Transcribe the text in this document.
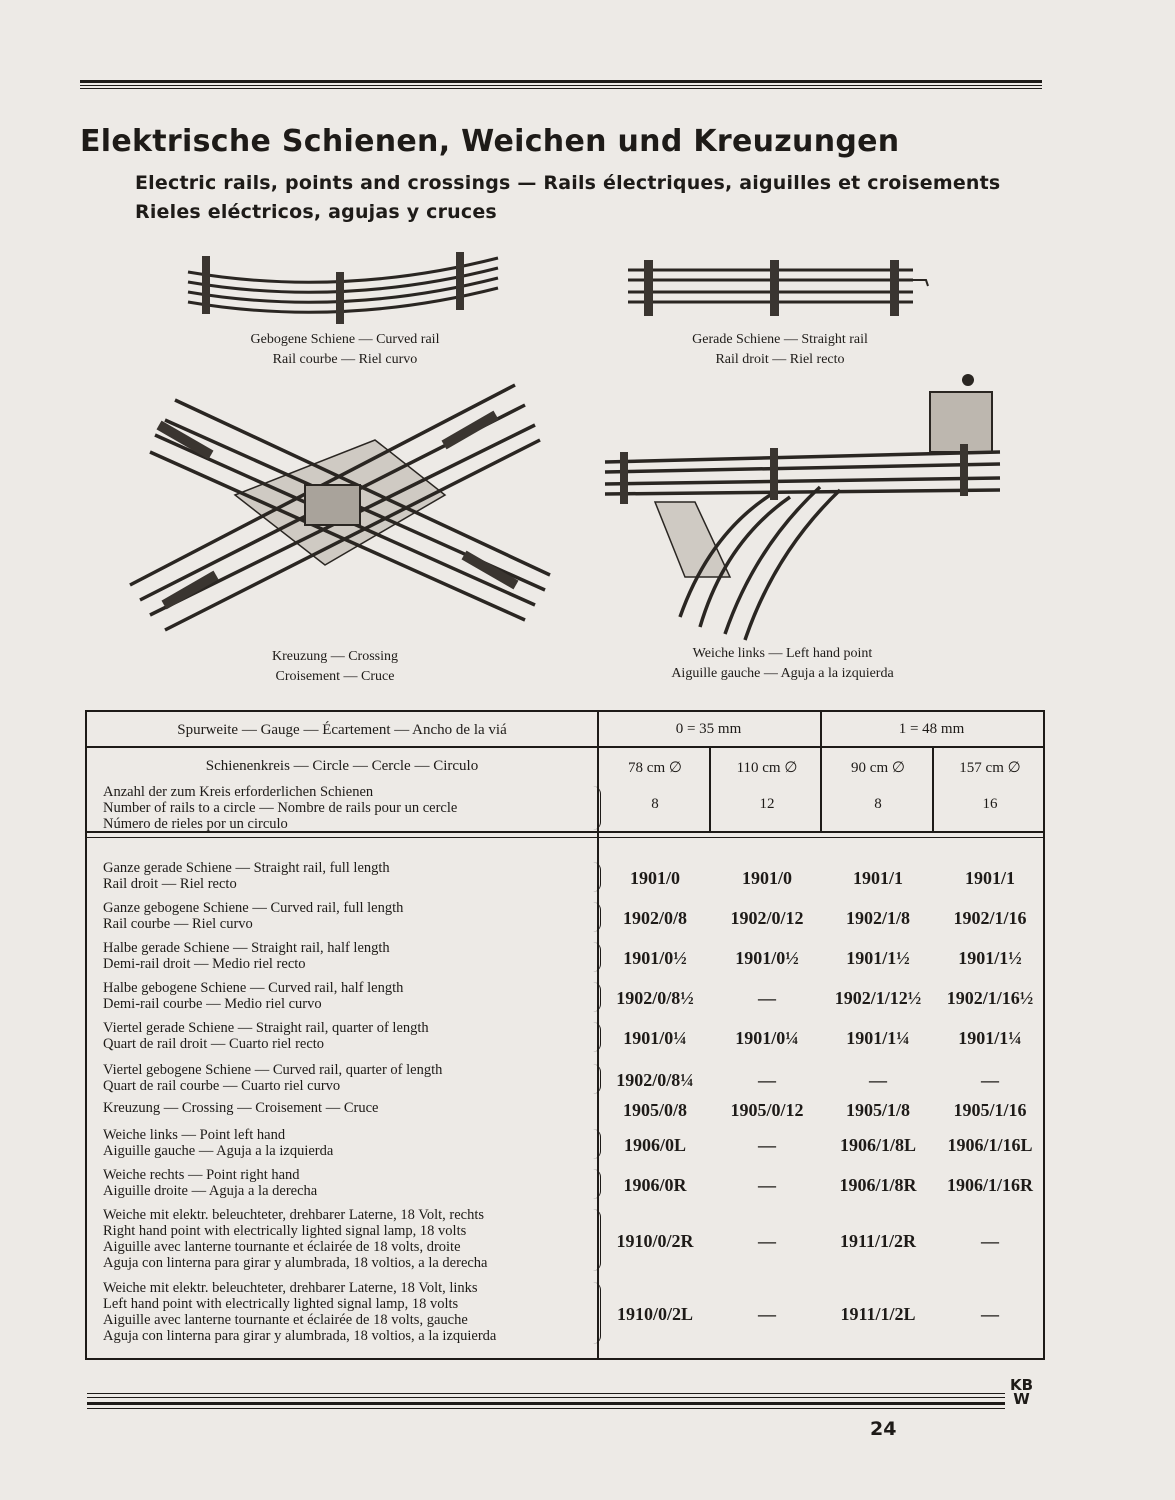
Elektrische Schienen, Weichen und Kreuzungen

Electric rails, points and crossings — Rails électriques, aiguilles et croisements

Rieles eléctricos, agujas y cruces

Gebogene Schiene — Curved rail
Rail courbe — Riel curvo
Gerade Schiene — Straight rail
Rail droit — Riel recto
Kreuzung — Crossing
Croisement — Cruce
Weiche links — Left hand point
Aiguille gauche — Aguja a la izquierda
Spurweite — Gauge — Écartement — Ancho de la viá	0 = 35 mm	1 = 48 mm
Schienenkreis — Circle — Cercle — Circulo	78 cm ∅	110 cm ∅	90 cm ∅	157 cm ∅
Anzahl der zum Kreis erforderlichen Schienen
Number of rails to a circle — Nombre de rails pour un cercle
Número de rieles por un circulo
8	12	8	16
Ganze gerade Schiene — Straight rail, full length
Rail droit — Riel recto	1901/0	1901/0	1901/1	1901/1
Ganze gebogene Schiene — Curved rail, full length
Rail courbe — Riel curvo	1902/0/8	1902/0/12	1902/1/8	1902/1/16
Halbe gerade Schiene — Straight rail, half length
Demi-rail droit — Medio riel recto	1901/0½	1901/0½	1901/1½	1901/1½
Halbe gebogene Schiene — Curved rail, half length
Demi-rail courbe — Medio riel curvo	1902/0/8½	—	1902/1/12½	1902/1/16½
Viertel gerade Schiene — Straight rail, quarter of length
Quart de rail droit — Cuarto riel recto	1901/0¼	1901/0¼	1901/1¼	1901/1¼
Viertel gebogene Schiene — Curved rail, quarter of length
Quart de rail courbe — Cuarto riel curvo	1902/0/8¼	—	—	—
Kreuzung — Crossing — Croisement — Cruce	1905/0/8	1905/0/12	1905/1/8	1905/1/16
Weiche links — Point left hand
Aiguille gauche — Aguja a la izquierda	1906/0L	—	1906/1/8L	1906/1/16L
Weiche rechts — Point right hand
Aiguille droite — Aguja a la derecha	1906/0R	—	1906/1/8R	1906/1/16R
Weiche mit elektr. beleuchteter, drehbarer Laterne, 18 Volt, rechts
Right hand point with electrically lighted signal lamp, 18 volts
Aiguille avec lanterne tournante et éclairée de 18 volts, droite
Aguja con linterna para girar y alumbrada, 18 voltios, a la derecha
1910/0/2R	—	1911/1/2R	—
Weiche mit elektr. beleuchteter, drehbarer Laterne, 18 Volt, links
Left hand point with electrically lighted signal lamp, 18 volts
Aiguille avec lanterne tournante et éclairée de 18 volts, gauche
Aguja con linterna para girar y alumbrada, 18 voltios, a la izquierda
1910/0/2L	—	1911/1/2L	—
KB
W
24
